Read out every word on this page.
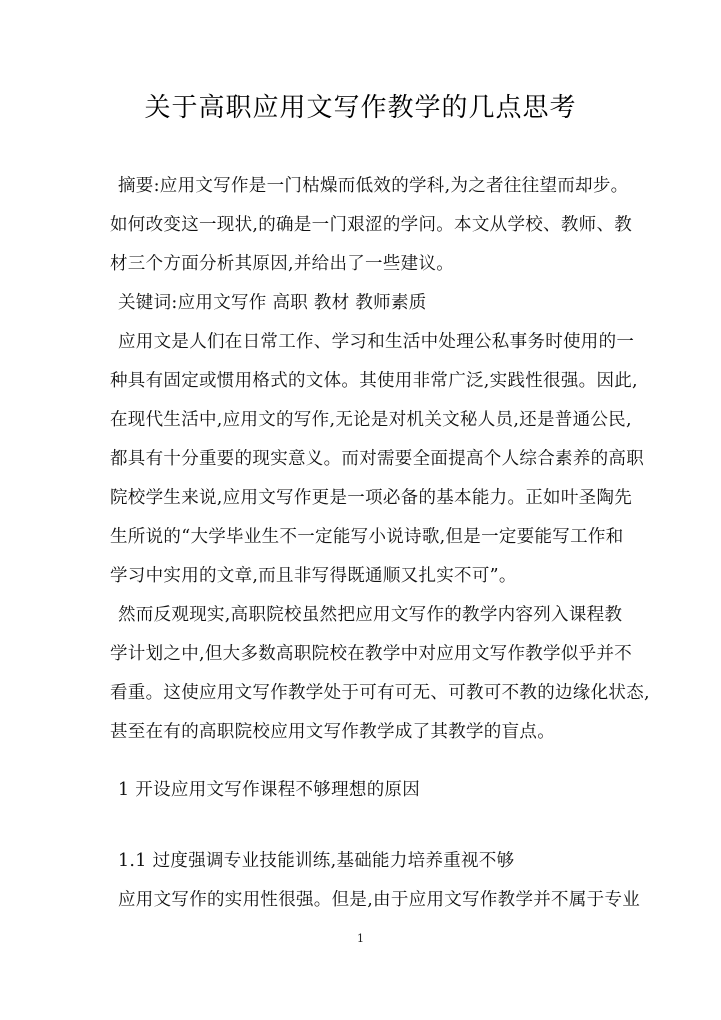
关于高职应用文写作教学的几点思考
摘要:应用文写作是一门枯燥而低效的学科,为之者往往望而却步。
如何改变这一现状,的确是一门艰涩的学问。本文从学校、教师、教
材三个方面分析其原因,并给出了一些建议。
关键词:应用文写作 高职 教材 教师素质
应用文是人们在日常工作、学习和生活中处理公私事务时使用的一
种具有固定或惯用格式的文体。其使用非常广泛,实践性很强。因此,
在现代生活中,应用文的写作,无论是对机关文秘人员,还是普通公民,
都具有十分重要的现实意义。而对需要全面提高个人综合素养的高职
院校学生来说,应用文写作更是一项必备的基本能力。正如叶圣陶先
生所说的“大学毕业生不一定能写小说诗歌,但是一定要能写工作和
学习中实用的文章,而且非写得既通顺又扎实不可”。
然而反观现实,高职院校虽然把应用文写作的教学内容列入课程教
学计划之中,但大多数高职院校在教学中对应用文写作教学似乎并不
看重。这使应用文写作教学处于可有可无、可教可不教的边缘化状态,
甚至在有的高职院校应用文写作教学成了其教学的盲点。
1 开设应用文写作课程不够理想的原因
1.1 过度强调专业技能训练,基础能力培养重视不够
应用文写作的实用性很强。但是,由于应用文写作教学并不属于专业
1
